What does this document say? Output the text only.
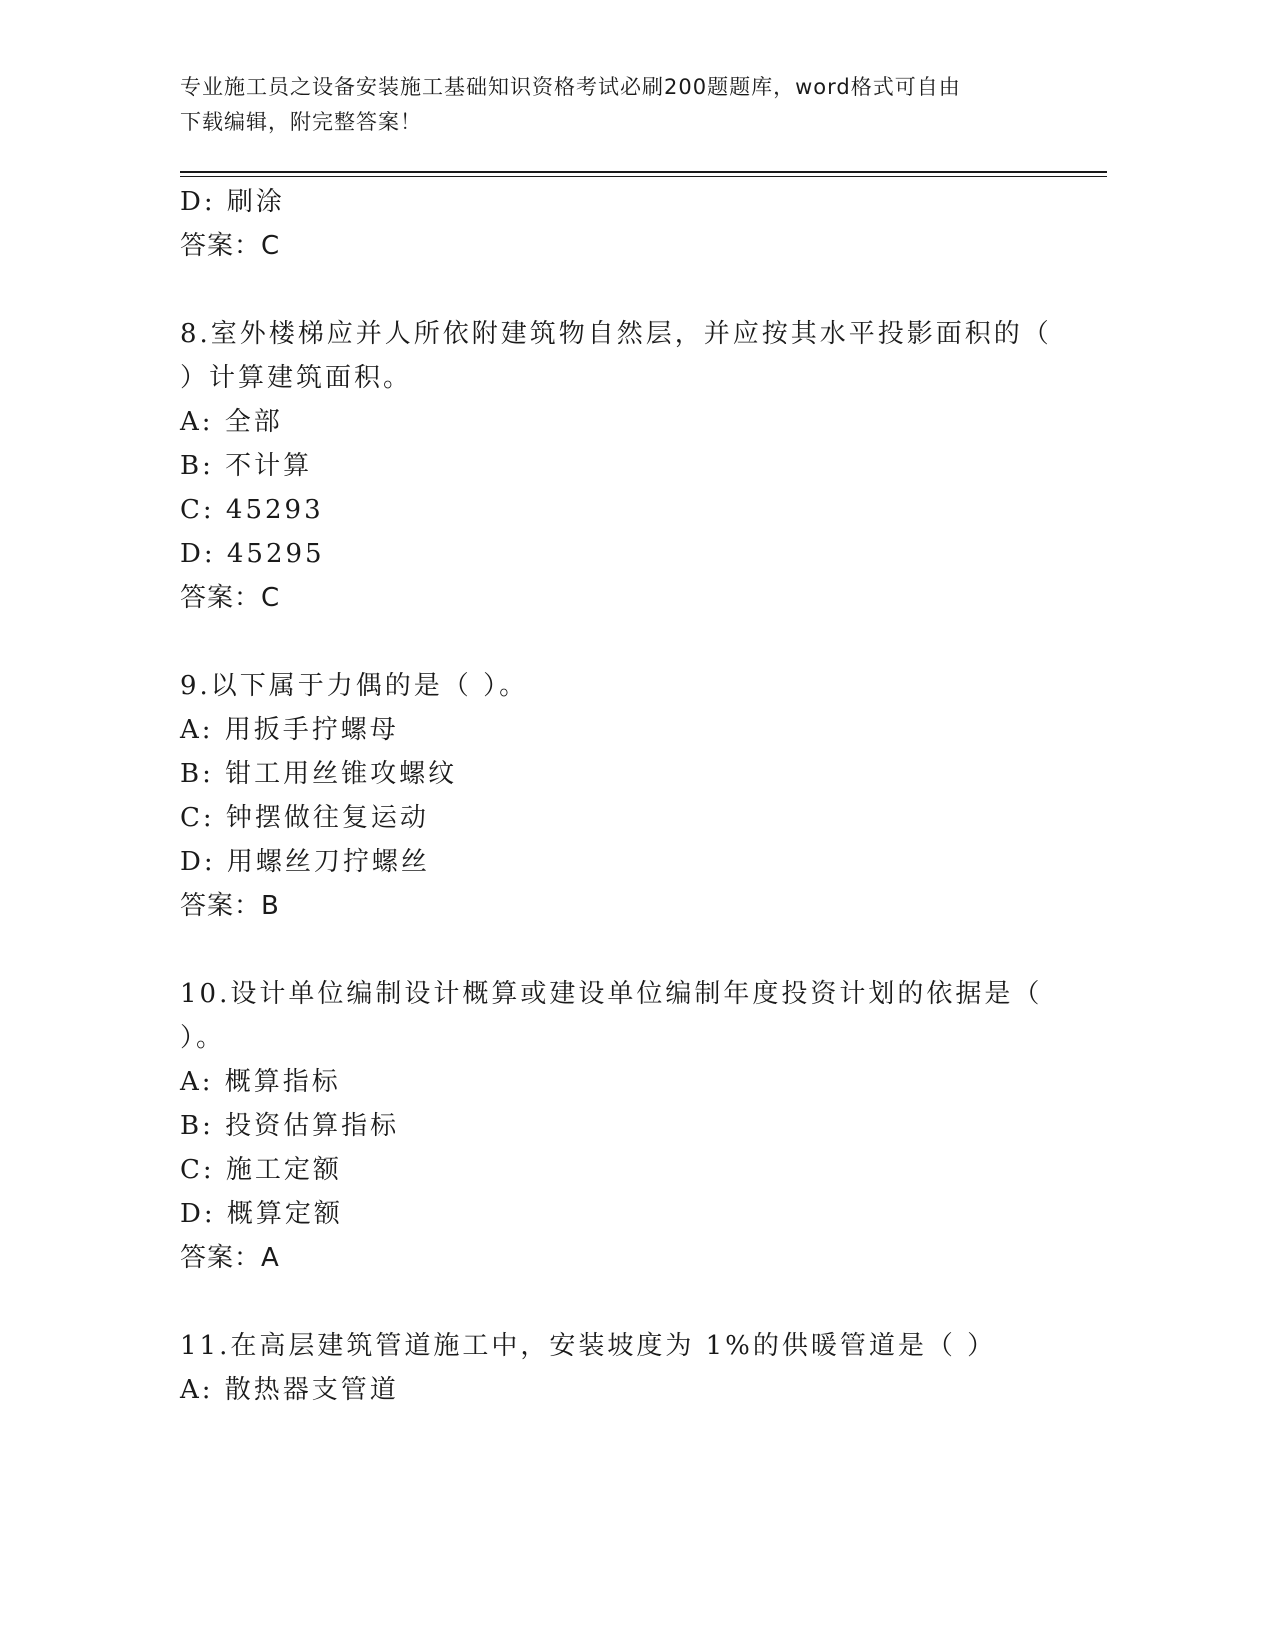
专业施工员之设备安装施工基础知识资格考试必刷200题题库，word格式可自由
下载编辑，附完整答案！
D: 刷涂
答案：C
8.室外楼梯应并人所依附建筑物自然层，并应按其水平投影面积的（
）计算建筑面积。
A: 全部
B: 不计算
C: 45293
D: 45295
答案：C
9.以下属于力偶的是（ ）。
A: 用扳手拧螺母
B: 钳工用丝锥攻螺纹
C: 钟摆做往复运动
D: 用螺丝刀拧螺丝
答案：B
10.设计单位编制设计概算或建设单位编制年度投资计划的依据是（
）。
A: 概算指标
B: 投资估算指标
C: 施工定额
D: 概算定额
答案：A
11.在高层建筑管道施工中，安装坡度为 1%的供暖管道是（ ）
A: 散热器支管道
